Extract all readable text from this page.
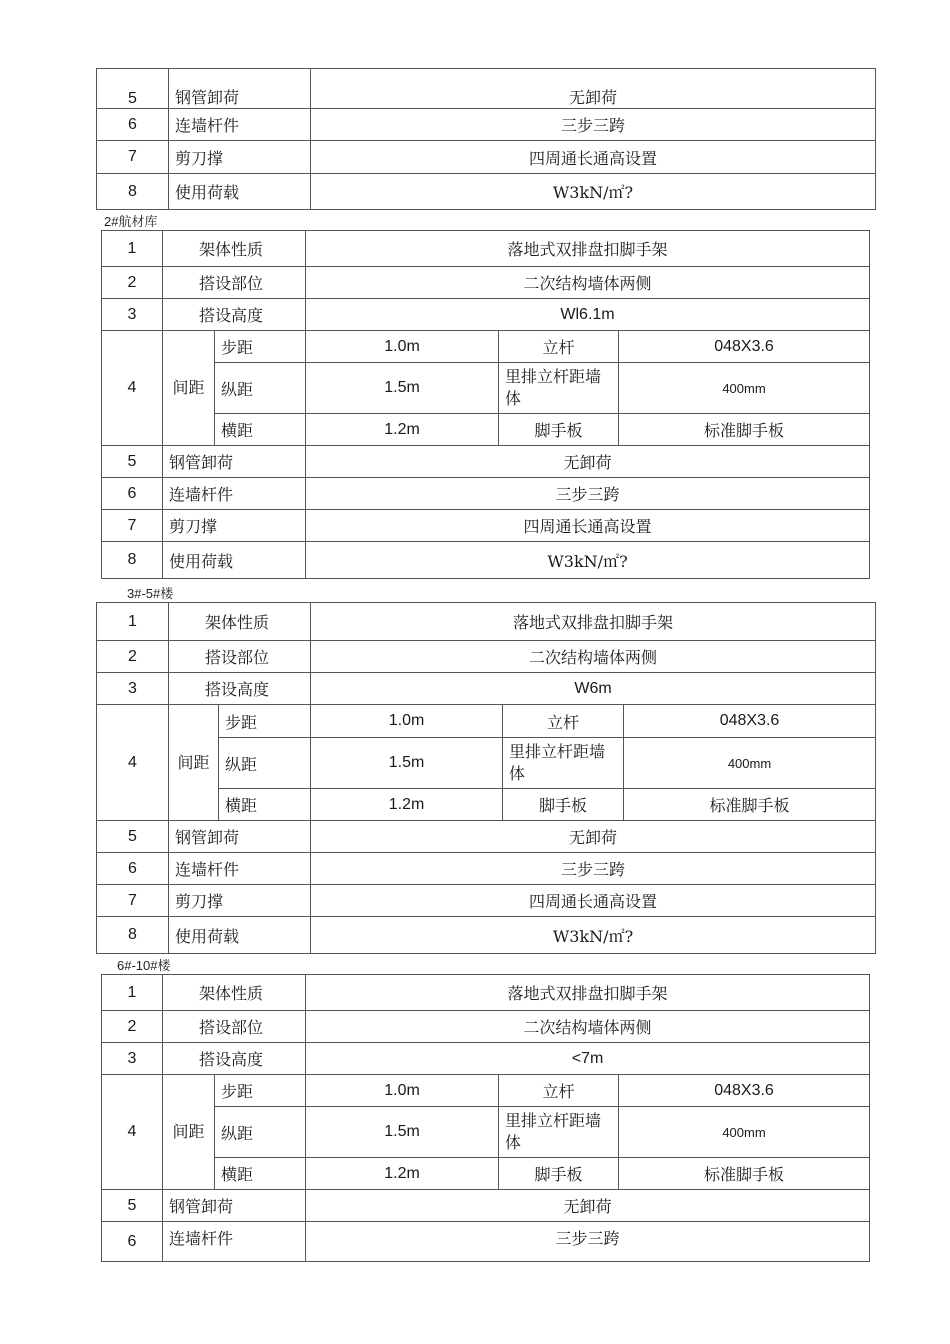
5	钢管卸荷	无卸荷
6	连墙杆件	三步三跨
7	剪刀撑	四周通长通高设置
8	使用荷载	W3kN/㎡?
2#航材库
1	架体性质		落地式双排盘扣脚手架		
2	搭设部位		二次结构墙体两侧		
3	搭设高度		Wl6.1m		
4	间距	步距	1.0m	立杆	048X3.6
		纵距	1.5m	里排立杆距墙体	400mm
		横距	1.2m	脚手板	标准脚手板
5	钢管卸荷		无卸荷		
6	连墙杆件		三步三跨		
7	剪刀撑		四周通长通高设置		
8	使用荷载		W3kN/㎡?		
3#-5#楼
1	架体性质		落地式双排盘扣脚手架		
2	搭设部位		二次结构墙体两侧		
3	搭设高度		W6m		
4	间距	步距	1.0m	立杆	048X3.6
		纵距	1.5m	里排立杆距墙体	400mm
		横距	1.2m	脚手板	标准脚手板
5	钢管卸荷		无卸荷		
6	连墙杆件		三步三跨		
7	剪刀撑		四周通长通高设置		
8	使用荷载		W3kN/㎡?		
6#-10#楼
1	架体性质		落地式双排盘扣脚手架		
2	搭设部位		二次结构墙体两侧		
3	搭设高度		<7m		
4	间距	步距	1.0m	立杆	048X3.6
		纵距	1.5m	里排立杆距墙体	400mm
		横距	1.2m	脚手板	标准脚手板
5	钢管卸荷		无卸荷		
6	连墙杆件		三步三跨		
